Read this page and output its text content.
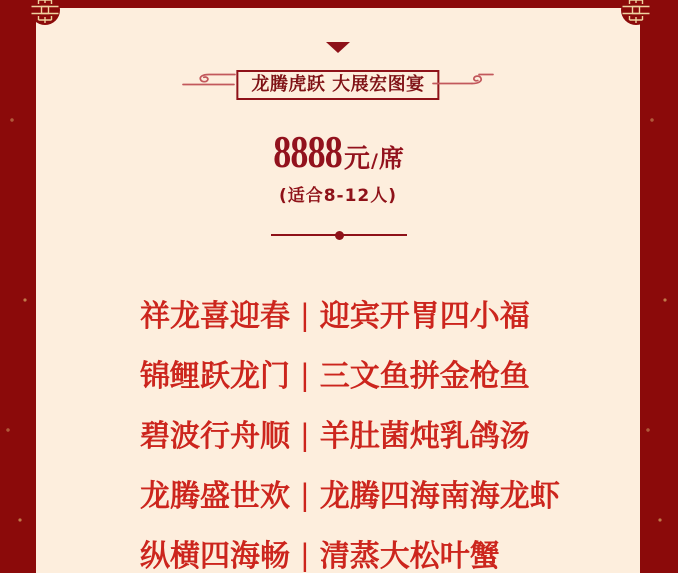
龙腾虎跃 大展宏图宴
8888元/席
(适合8-12人)
祥龙喜迎春 | 迎宾开胃四小福
锦鲤跃龙门 | 三文鱼拼金枪鱼
碧波行舟顺 | 羊肚菌炖乳鸽汤
龙腾盛世欢 | 龙腾四海南海龙虾
纵横四海畅 | 清蒸大松叶蟹
